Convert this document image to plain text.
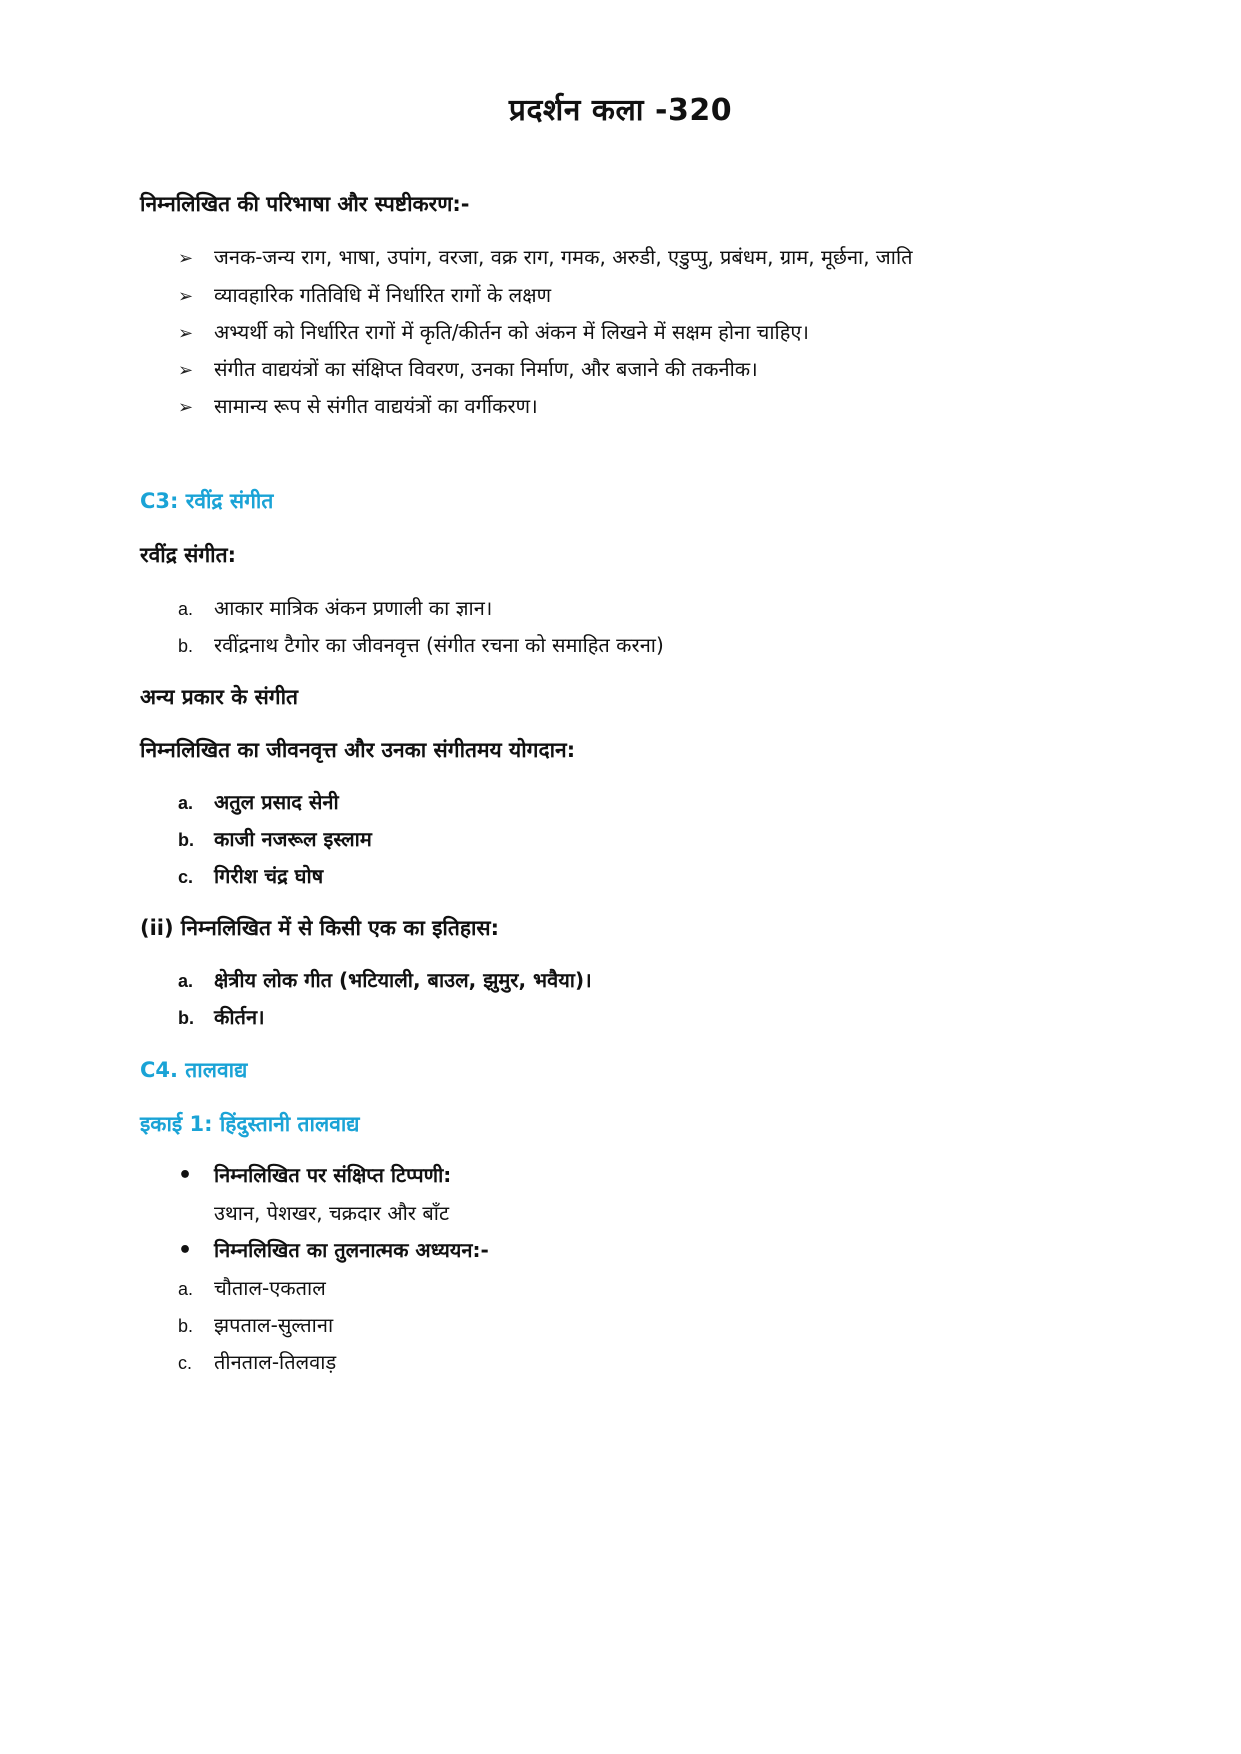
प्रदर्शन कला -320
निम्नलिखित की परिभाषा और स्पष्टीकरण:-
➢ जनक-जन्य राग, भाषा, उपांग, वरजा, वक्र राग, गमक, अरुडी, एडुप्पु, प्रबंधम, ग्राम, मूर्छना, जाति
➢ व्यावहारिक गतिविधि में निर्धारित रागों के लक्षण
➢ अभ्यर्थी को निर्धारित रागों में कृति/कीर्तन को अंकन में लिखने में सक्षम होना चाहिए।
➢ संगीत वाद्ययंत्रों का संक्षिप्त विवरण, उनका निर्माण, और बजाने की तकनीक।
➢ सामान्य रूप से संगीत वाद्ययंत्रों का वर्गीकरण।
C3: रवींद्र संगीत
रवींद्र संगीत:
a. आकार मात्रिक अंकन प्रणाली का ज्ञान।
b. रवींद्रनाथ टैगोर का जीवनवृत्त (संगीत रचना को समाहित करना)
अन्य प्रकार के संगीत
निम्नलिखित का जीवनवृत्त और उनका संगीतमय योगदान:
a. अतुल प्रसाद सेनी
b. काजी नजरूल इस्लाम
c. गिरीश चंद्र घोष
(ii) निम्नलिखित में से किसी एक का इतिहास:
a. क्षेत्रीय लोक गीत (भटियाली, बाउल, झुमुर, भवैया)।
b. कीर्तन।
C4. तालवाद्य
इकाई 1: हिंदुस्तानी तालवाद्य
• निम्नलिखित पर संक्षिप्त टिप्पणी:
उथान, पेशखर, चक्रदार और बाँट
• निम्नलिखित का तुलनात्मक अध्ययन:-
a. चौताल-एकताल
b. झपताल-सुल्ताना
c. तीनताल-तिलवाड़
